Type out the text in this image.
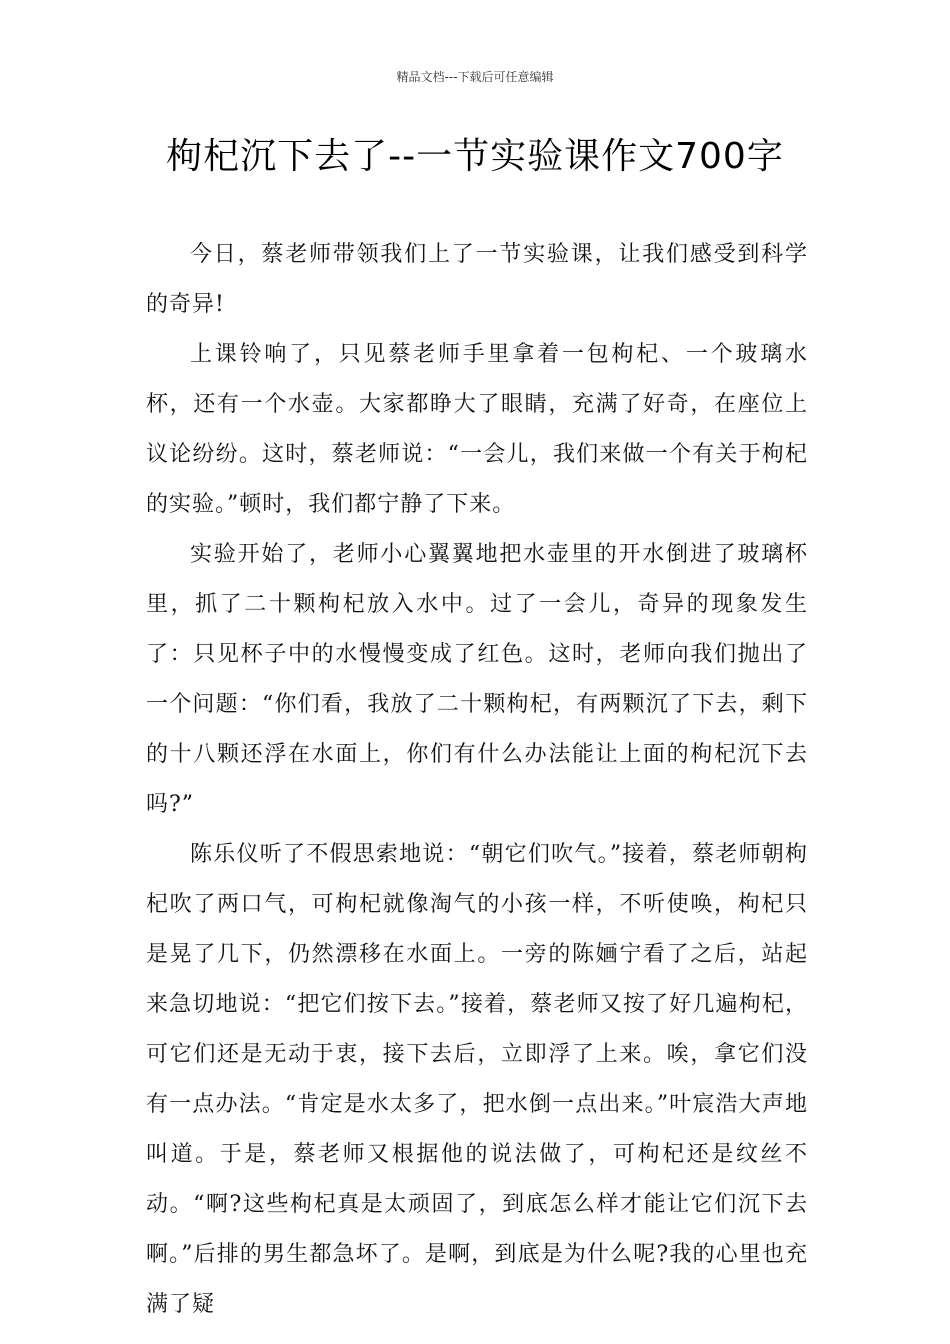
精品文档---下载后可任意编辑
枸杞沉下去了--一节实验课作文700字

今日，蔡老师带领我们上了一节实验课，让我们感受到科学的奇异!

上课铃响了，只见蔡老师手里拿着一包枸杞、一个玻璃水杯，还有一个水壶。大家都睁大了眼睛，充满了好奇，在座位上议论纷纷。这时，蔡老师说：“一会儿，我们来做一个有关于枸杞的实验。”顿时，我们都宁静了下来。

实验开始了，老师小心翼翼地把水壶里的开水倒进了玻璃杯里，抓了二十颗枸杞放入水中。过了一会儿，奇异的现象发生了：只见杯子中的水慢慢变成了红色。这时，老师向我们抛出了一个问题：“你们看，我放了二十颗枸杞，有两颗沉了下去，剩下的十八颗还浮在水面上，你们有什么办法能让上面的枸杞沉下去吗?”

陈乐仪听了不假思索地说：“朝它们吹气。”接着，蔡老师朝枸杞吹了两口气，可枸杞就像淘气的小孩一样，不听使唤，枸杞只是晃了几下，仍然漂移在水面上。一旁的陈婳宁看了之后，站起来急切地说：“把它们按下去。”接着，蔡老师又按了好几遍枸杞，可它们还是无动于衷，接下去后，立即浮了上来。唉，拿它们没有一点办法。“肯定是水太多了，把水倒一点出来。”叶宸浩大声地叫道。于是，蔡老师又根据他的说法做了，可枸杞还是纹丝不动。“啊?这些枸杞真是太顽固了，到底怎么样才能让它们沉下去啊。”后排的男生都急坏了。是啊，到底是为什么呢?我的心里也充满了疑
